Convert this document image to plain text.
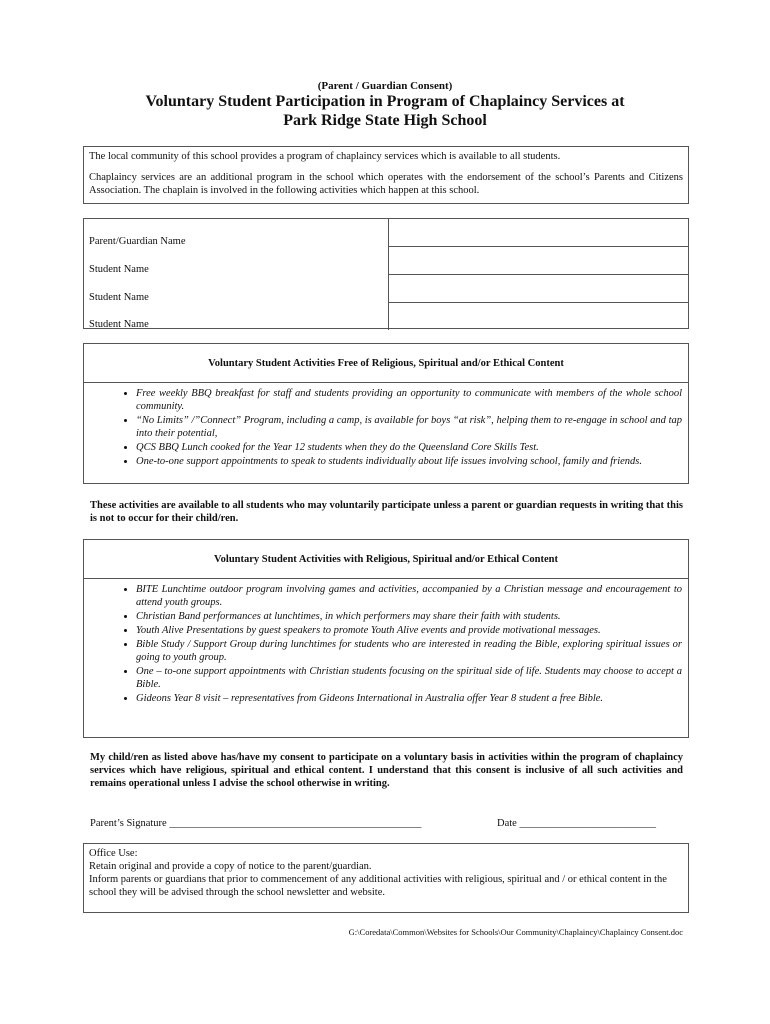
(Parent / Guardian Consent)
Voluntary Student Participation in Program of Chaplaincy Services at
Park Ridge State High School

The local community of this school provides a program of chaplaincy services which is available to all students.

Chaplaincy services are an additional program in the school which operates with the endorsement of the school’s Parents and Citizens Association. The chaplain is involved in the following activities which happen at this school.

Parent/Guardian Name
Student Name
Student Name
Student Name
Voluntary Student Activities Free of Religious, Spiritual and/or Ethical Content
• Free weekly BBQ breakfast for staff and students providing an opportunity to communicate with members of the whole school community.
• “No Limits” /”Connect” Program, including a camp, is available for boys “at risk”, helping them to re-engage in school and tap into their potential,
• QCS BBQ Lunch cooked for the Year 12 students when they do the Queensland Core Skills Test.
• One-to-one support appointments to speak to students individually about life issues involving school, family and friends.
These activities are available to all students who may voluntarily participate unless a parent or guardian requests in writing that this is not to occur for their child/ren.
Voluntary Student Activities with Religious, Spiritual and/or Ethical Content
• BITE Lunchtime outdoor program involving games and activities, accompanied by a Christian message and encouragement to attend youth groups.
• Christian Band performances at lunchtimes, in which performers may share their faith with students.
• Youth Alive Presentations by guest speakers to promote Youth Alive events and provide motivational messages.
• Bible Study / Support Group during lunchtimes for students who are interested in reading the Bible, exploring spiritual issues or going to youth group.
• One – to-one support appointments with Christian students focusing on the spiritual side of life. Students may choose to accept a Bible.
• Gideons Year 8 visit – representatives from Gideons International in Australia offer Year 8 student a free Bible.
My child/ren as listed above has/have my consent to participate on a voluntary basis in activities within the program of chaplaincy services which have religious, spiritual and ethical content. I understand that this consent is inclusive of all such activities and remains operational unless I advise the school otherwise in writing.
Parent’s Signature ________________________________________________	Date __________________________

Office Use:

Retain original and provide a copy of notice to the parent/guardian.

Inform parents or guardians that prior to commencement of any additional activities with religious, spiritual and / or ethical content in the school they will be advised through the school newsletter and website.

G:\Coredata\Common\Websites for Schools\Our Community\Chaplaincy\Chaplaincy Consent.doc
